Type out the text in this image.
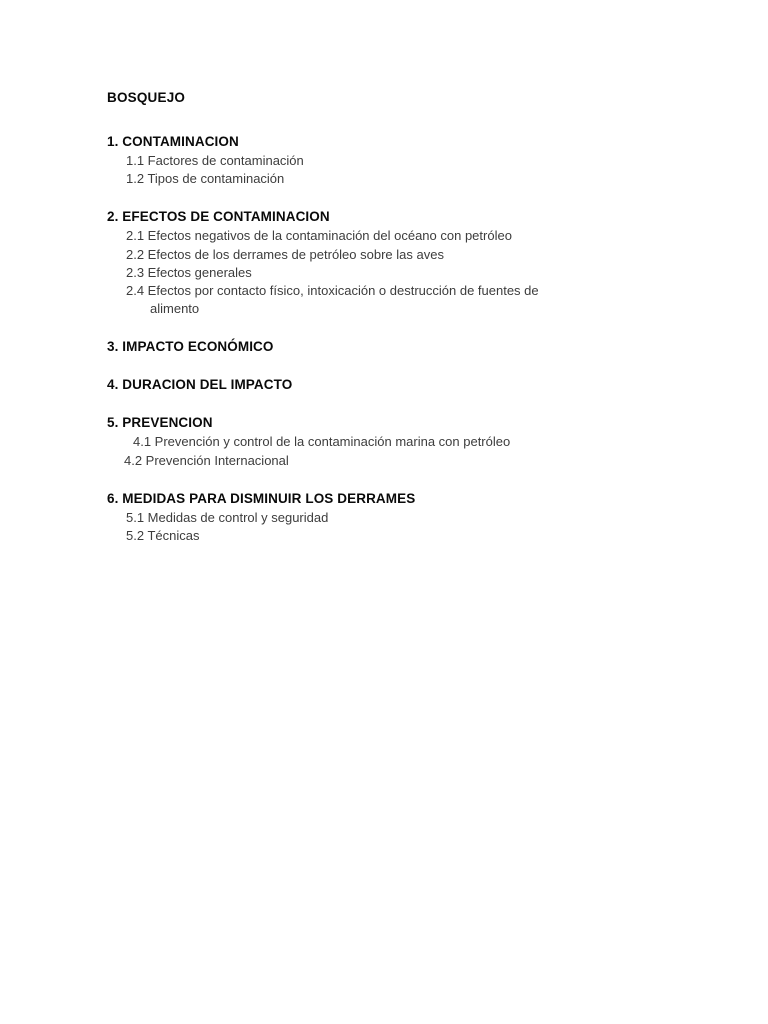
BOSQUEJO
1. CONTAMINACION
1.1 Factores de contaminación
1.2 Tipos de contaminación
2. EFECTOS DE CONTAMINACION
2.1 Efectos negativos de la contaminación del océano con petróleo
2.2 Efectos de los derrames de petróleo sobre las aves
2.3 Efectos generales
2.4 Efectos por contacto físico, intoxicación o destrucción de fuentes de
alimento
3. IMPACTO ECONÓMICO
4. DURACION DEL IMPACTO
5. PREVENCION
4.1 Prevención y control de la contaminación marina con petróleo
4.2 Prevención Internacional
6. MEDIDAS PARA DISMINUIR LOS DERRAMES
5.1 Medidas de control y seguridad
5.2 Técnicas
